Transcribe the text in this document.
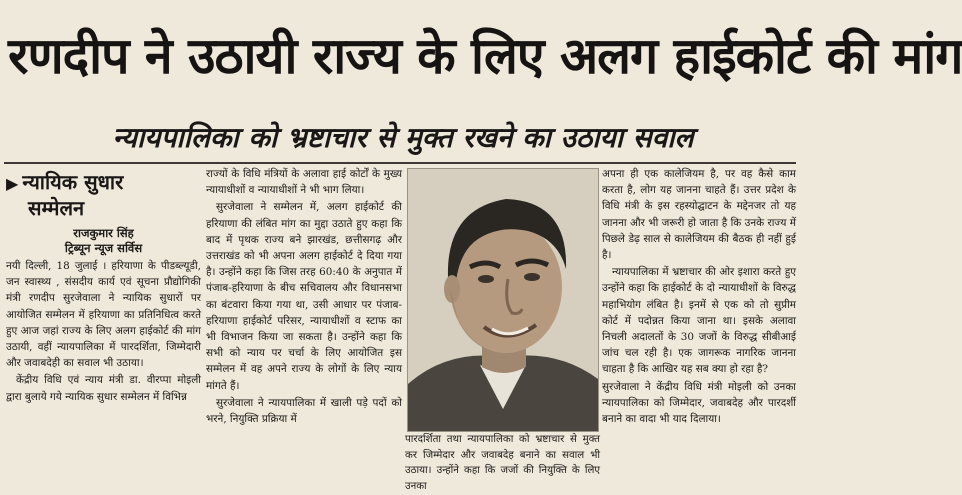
रणदीप ने उठायी राज्य के लिए अलग हाईकोर्ट की मांग
न्यायपालिका को भ्रष्टाचार से मुक्त रखने का उठाया सवाल
▶ न्यायिक सुधार
सम्मेलन
राजकुमार सिंह
ट्रिब्यून न्यूज सर्विस

नयी दिल्ली, 18 जुलाई । हरियाणा के पीडब्ल्यूडी, जन स्वास्थ्य , संसदीय कार्य एवं सूचना प्रौद्योगिकी मंत्री रणदीप सुरजेवाला ने न्यायिक सुधारों पर आयोजित सम्मेलन में हरियाणा का प्रतिनिधित्व करते हुए आज जहां राज्य के लिए अलग हाईकोर्ट की मांग उठायी, वहीं न्यायपालिका में पारदर्शिता, जिम्मेदारी और जवाबदेही का सवाल भी उठाया।

केंद्रीय विधि एवं न्याय मंत्री डा. वीरप्पा मोइली द्वारा बुलाये गये न्यायिक सुधार सम्मेलन में विभिन्न

राज्यों के विधि मंत्रियों के अलावा हाई कोर्टों के मुख्य न्यायाधीशों व न्यायाधीशों ने भी भाग लिया।

सुरजेवाला ने सम्मेलन में, अलग हाईकोर्ट की हरियाणा की लंबित मांग का मुद्दा उठाते हुए कहा कि बाद में पृथक राज्य बने झारखंड, छत्तीसगढ़ और उत्तराखंड को भी अपना अलग हाईकोर्ट दे दिया गया है। उन्होंने कहा कि जिस तरह 60:40 के अनुपात में पंजाब-हरियाणा के बीच सचिवालय और विधानसभा का बंटवारा किया गया था, उसी आधार पर पंजाब-हरियाणा हाईकोर्ट परिसर, न्यायाधीशों व स्टाफ का भी विभाजन किया जा सकता है। उन्होंने कहा कि सभी को न्याय पर चर्चा के लिए आयोजित इस सम्मेलन में वह अपने राज्य के लोगों के लिए न्याय मांगते हैं।

सुरजेवाला ने न्यायपालिका में खाली पड़े पदों को भरने, नियुक्ति प्रक्रिया में

पारदर्शिता तथा न्यायपालिका को भ्रष्टाचार से मुक्त कर जिम्मेदार और जवाबदेह बनाने का सवाल भी उठाया। उन्होंने कहा कि जजों की नियुक्ति के लिए उनका

अपना ही एक कालेजियम है, पर वह कैसे काम करता है, लोग यह जानना चाहते हैं। उत्तर प्रदेश के विधि मंत्री के इस रहस्योद्घाटन के मद्देनजर तो यह जानना और भी जरूरी हो जाता है कि उनके राज्य में पिछले डेढ़ साल से कालेजियम की बैठक ही नहीं हुई है।

न्यायपालिका में भ्रष्टाचार की ओर इशारा करते हुए उन्होंने कहा कि हाईकोर्ट के दो न्यायाधीशों के विरुद्ध महाभियोग लंबित है। इनमें से एक को तो सुप्रीम कोर्ट में पदोन्नत किया जाना था। इसके अलावा निचली अदालतों के 30 जजों के विरुद्ध सीबीआई जांच चल रही है। एक जागरूक नागरिक जानना चाहता है कि आखिर यह सब क्या हो रहा है?

सुरजेवाला ने केंद्रीय विधि मंत्री मोइली को उनका न्यायपालिका को जिम्मेदार, जवाबदेह और पारदर्शी बनाने का वादा भी याद दिलाया।
